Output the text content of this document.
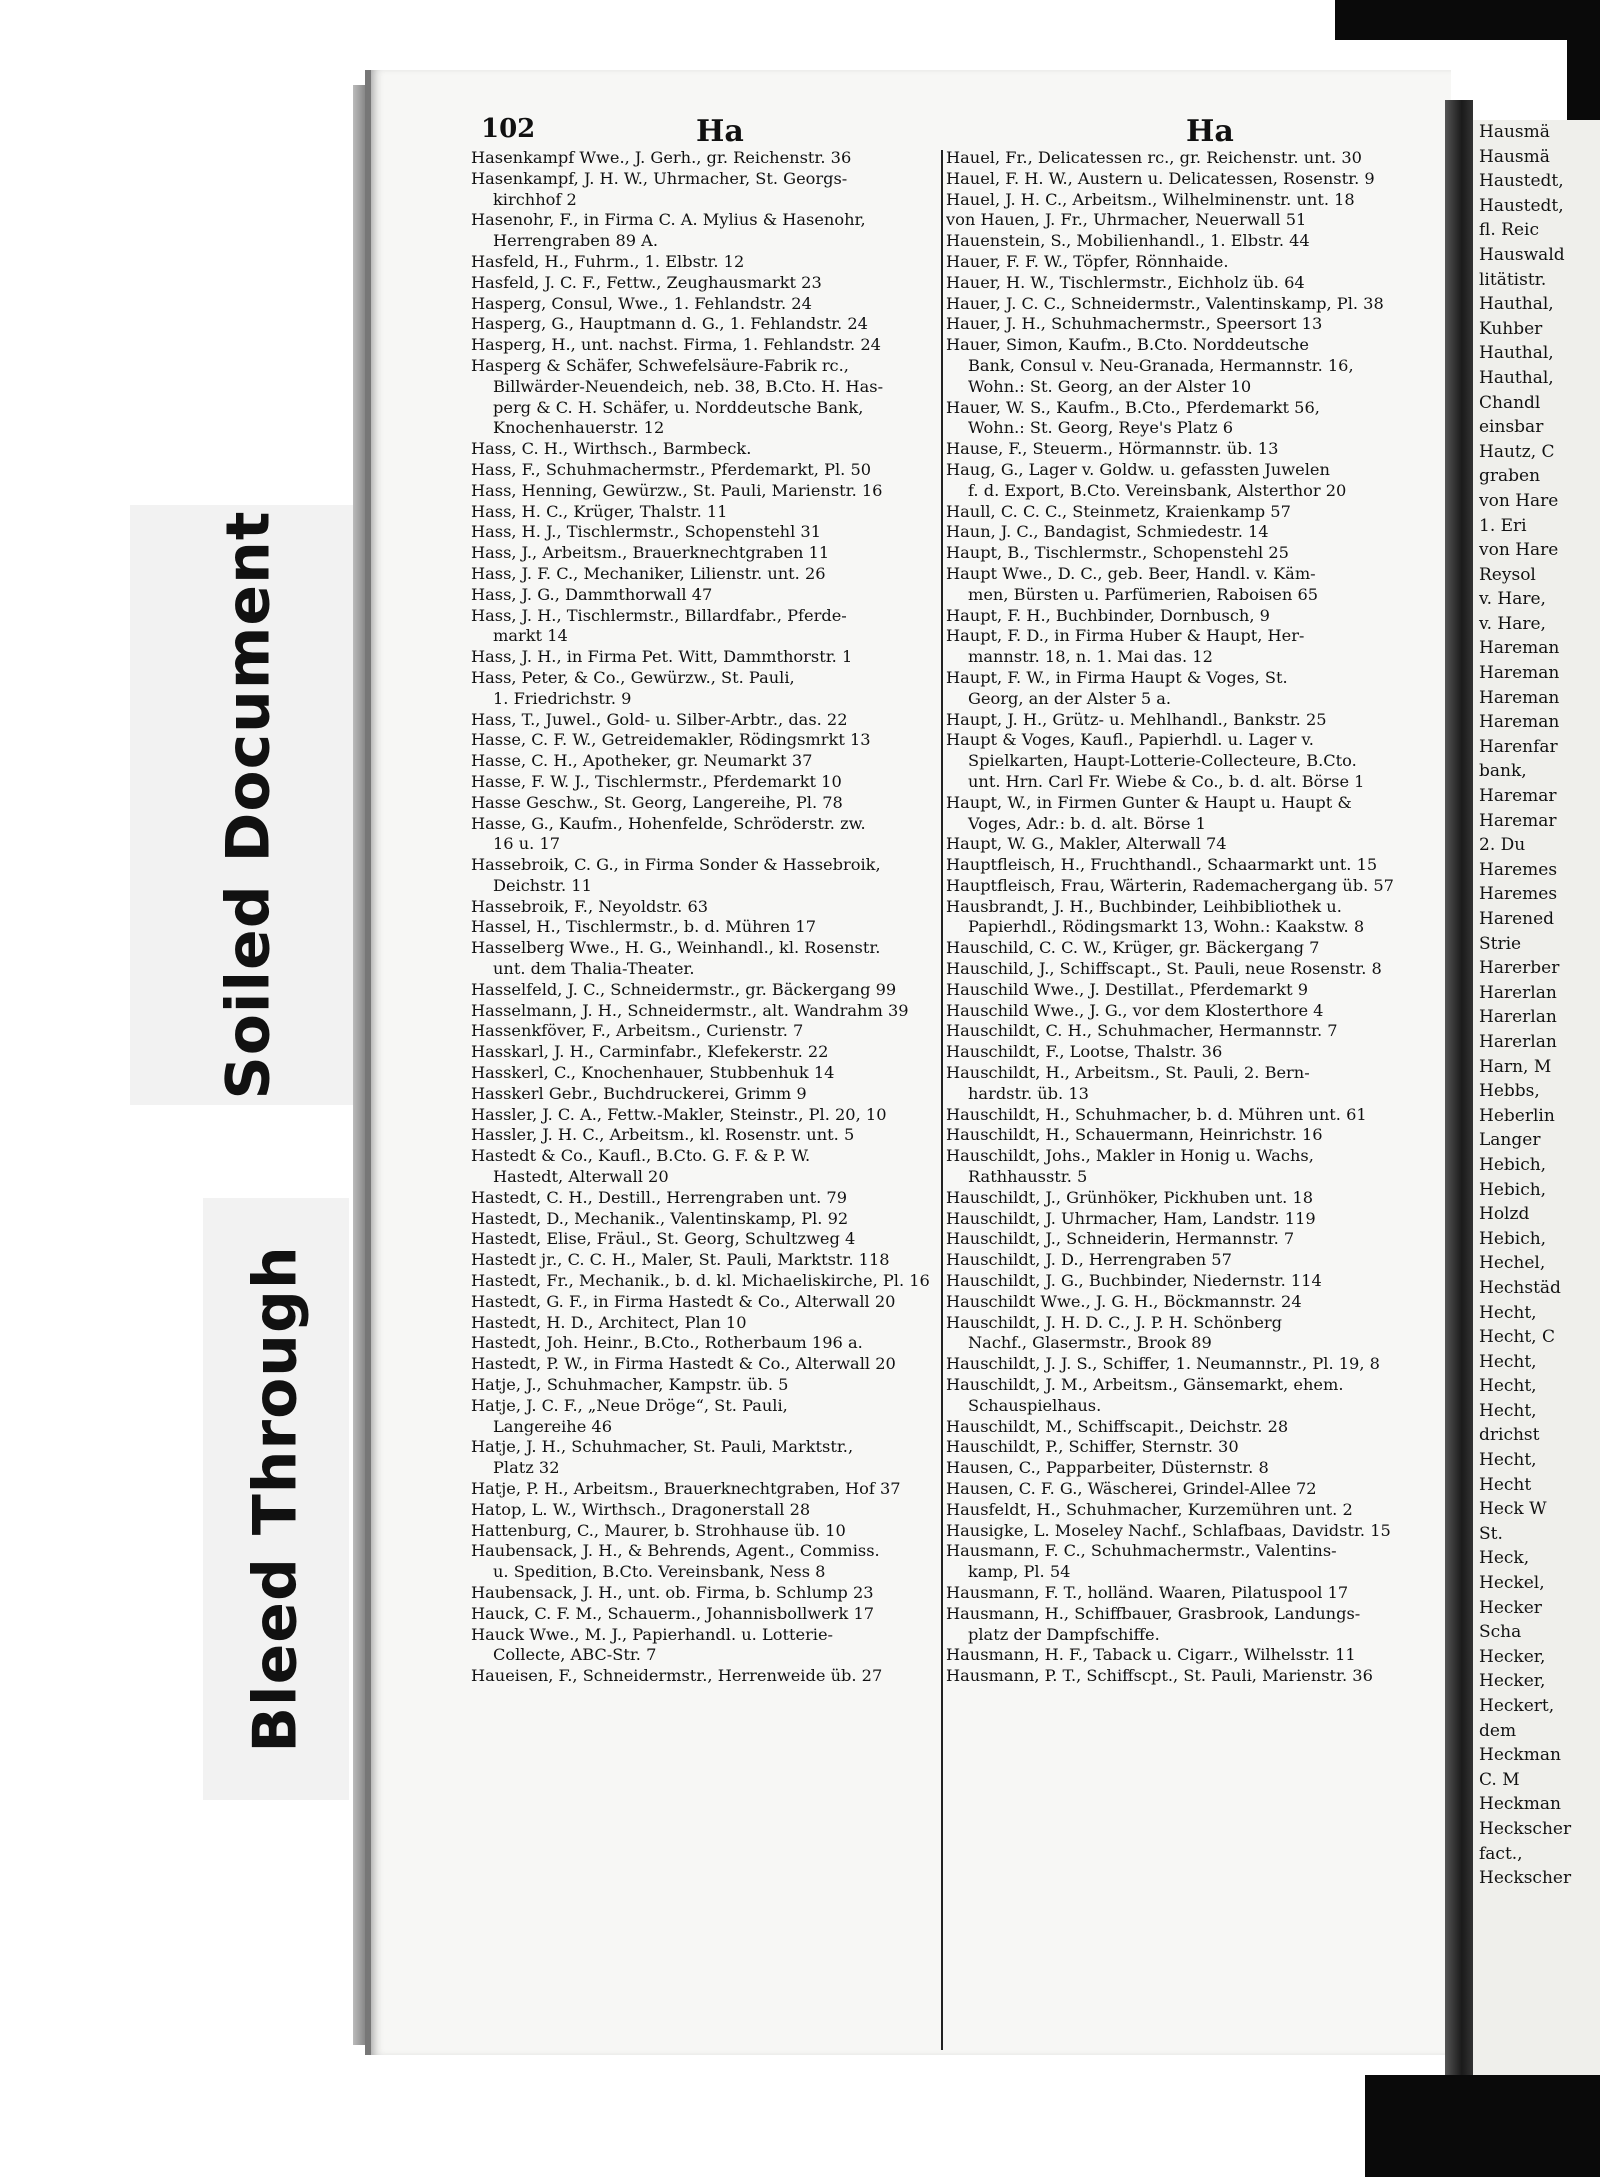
Soiled Document
Bleed Through
102	Ha	Ha
Hasenkampf Wwe., J. Gerh., gr. Reichenstr. 36
Hasenkampf, J. H. W., Uhrmacher, St. Georgs-
kirchhof 2
Hasenohr, F., in Firma C. A. Mylius & Hasenohr,
Herrengraben 89 A.
Hasfeld, H., Fuhrm., 1. Elbstr. 12
Hasfeld, J. C. F., Fettw., Zeughausmarkt 23
Hasperg, Consul, Wwe., 1. Fehlandstr. 24
Hasperg, G., Hauptmann d. G., 1. Fehlandstr. 24
Hasperg, H., unt. nachst. Firma, 1. Fehlandstr. 24
Hasperg & Schäfer, Schwefelsäure-Fabrik rc.,
Billwärder-Neuendeich, neb. 38, B.Cto. H. Has-
perg & C. H. Schäfer, u. Norddeutsche Bank,
Knochenhauerstr. 12
Hass, C. H., Wirthsch., Barmbeck.
Hass, F., Schuhmachermstr., Pferdemarkt, Pl. 50
Hass, Henning, Gewürzw., St. Pauli, Marienstr. 16
Hass, H. C., Krüger, Thalstr. 11
Hass, H. J., Tischlermstr., Schopenstehl 31
Hass, J., Arbeitsm., Brauerknechtgraben 11
Hass, J. F. C., Mechaniker, Lilienstr. unt. 26
Hass, J. G., Dammthorwall 47
Hass, J. H., Tischlermstr., Billardfabr., Pferde-
markt 14
Hass, J. H., in Firma Pet. Witt, Dammthorstr. 1
Hass, Peter, & Co., Gewürzw., St. Pauli,
1. Friedrichstr. 9
Hass, T., Juwel., Gold- u. Silber-Arbtr., das. 22
Hasse, C. F. W., Getreidemakler, Rödingsmrkt 13
Hasse, C. H., Apotheker, gr. Neumarkt 37
Hasse, F. W. J., Tischlermstr., Pferdemarkt 10
Hasse Geschw., St. Georg, Langereihe, Pl. 78
Hasse, G., Kaufm., Hohenfelde, Schröderstr. zw.
16 u. 17
Hassebroik, C. G., in Firma Sonder & Hassebroik,
Deichstr. 11
Hassebroik, F., Neyoldstr. 63
Hassel, H., Tischlermstr., b. d. Mühren 17
Hasselberg Wwe., H. G., Weinhandl., kl. Rosenstr.
unt. dem Thalia-Theater.
Hasselfeld, J. C., Schneidermstr., gr. Bäckergang 99
Hasselmann, J. H., Schneidermstr., alt. Wandrahm 39
Hassenkföver, F., Arbeitsm., Curienstr. 7
Hasskarl, J. H., Carminfabr., Klefekerstr. 22
Hasskerl, C., Knochenhauer, Stubbenhuk 14
Hasskerl Gebr., Buchdruckerei, Grimm 9
Hassler, J. C. A., Fettw.-Makler, Steinstr., Pl. 20, 10
Hassler, J. H. C., Arbeitsm., kl. Rosenstr. unt. 5
Hastedt & Co., Kaufl., B.Cto. G. F. & P. W.
Hastedt, Alterwall 20
Hastedt, C. H., Destill., Herrengraben unt. 79
Hastedt, D., Mechanik., Valentinskamp, Pl. 92
Hastedt, Elise, Fräul., St. Georg, Schultzweg 4
Hastedt jr., C. C. H., Maler, St. Pauli, Marktstr. 118
Hastedt, Fr., Mechanik., b. d. kl. Michaeliskirche, Pl. 16
Hastedt, G. F., in Firma Hastedt & Co., Alterwall 20
Hastedt, H. D., Architect, Plan 10
Hastedt, Joh. Heinr., B.Cto., Rotherbaum 196 a.
Hastedt, P. W., in Firma Hastedt & Co., Alterwall 20
Hatje, J., Schuhmacher, Kampstr. üb. 5
Hatje, J. C. F., „Neue Dröge“, St. Pauli,
Langereihe 46
Hatje, J. H., Schuhmacher, St. Pauli, Marktstr.,
Platz 32
Hatje, P. H., Arbeitsm., Brauerknechtgraben, Hof 37
Hatop, L. W., Wirthsch., Dragonerstall 28
Hattenburg, C., Maurer, b. Strohhause üb. 10
Haubensack, J. H., & Behrends, Agent., Commiss.
u. Spedition, B.Cto. Vereinsbank, Ness 8
Haubensack, J. H., unt. ob. Firma, b. Schlump 23
Hauck, C. F. M., Schauerm., Johannisbollwerk 17
Hauck Wwe., M. J., Papierhandl. u. Lotterie-
Collecte, ABC-Str. 7
Haueisen, F., Schneidermstr., Herrenweide üb. 27
Hauel, Fr., Delicatessen rc., gr. Reichenstr. unt. 30
Hauel, F. H. W., Austern u. Delicatessen, Rosenstr. 9
Hauel, J. H. C., Arbeitsm., Wilhelminenstr. unt. 18
von Hauen, J. Fr., Uhrmacher, Neuerwall 51
Hauenstein, S., Mobilienhandl., 1. Elbstr. 44
Hauer, F. F. W., Töpfer, Rönnhaide.
Hauer, H. W., Tischlermstr., Eichholz üb. 64
Hauer, J. C. C., Schneidermstr., Valentinskamp, Pl. 38
Hauer, J. H., Schuhmachermstr., Speersort 13
Hauer, Simon, Kaufm., B.Cto. Norddeutsche
Bank, Consul v. Neu-Granada, Hermannstr. 16,
Wohn.: St. Georg, an der Alster 10
Hauer, W. S., Kaufm., B.Cto., Pferdemarkt 56,
Wohn.: St. Georg, Reye's Platz 6
Hause, F., Steuerm., Hörmannstr. üb. 13
Haug, G., Lager v. Goldw. u. gefassten Juwelen
f. d. Export, B.Cto. Vereinsbank, Alsterthor 20
Haull, C. C. C., Steinmetz, Kraienkamp 57
Haun, J. C., Bandagist, Schmiedestr. 14
Haupt, B., Tischlermstr., Schopenstehl 25
Haupt Wwe., D. C., geb. Beer, Handl. v. Käm-
men, Bürsten u. Parfümerien, Raboisen 65
Haupt, F. H., Buchbinder, Dornbusch, 9
Haupt, F. D., in Firma Huber & Haupt, Her-
mannstr. 18, n. 1. Mai das. 12
Haupt, F. W., in Firma Haupt & Voges, St.
Georg, an der Alster 5 a.
Haupt, J. H., Grütz- u. Mehlhandl., Bankstr. 25
Haupt & Voges, Kaufl., Papierhdl. u. Lager v.
Spielkarten, Haupt-Lotterie-Collecteure, B.Cto.
unt. Hrn. Carl Fr. Wiebe & Co., b. d. alt. Börse 1
Haupt, W., in Firmen Gunter & Haupt u. Haupt &
Voges, Adr.: b. d. alt. Börse 1
Haupt, W. G., Makler, Alterwall 74
Hauptfleisch, H., Fruchthandl., Schaarmarkt unt. 15
Hauptfleisch, Frau, Wärterin, Rademachergang üb. 57
Hausbrandt, J. H., Buchbinder, Leihbibliothek u.
Papierhdl., Rödingsmarkt 13, Wohn.: Kaakstw. 8
Hauschild, C. C. W., Krüger, gr. Bäckergang 7
Hauschild, J., Schiffscapt., St. Pauli, neue Rosenstr. 8
Hauschild Wwe., J. Destillat., Pferdemarkt 9
Hauschild Wwe., J. G., vor dem Klosterthore 4
Hauschildt, C. H., Schuhmacher, Hermannstr. 7
Hauschildt, F., Lootse, Thalstr. 36
Hauschildt, H., Arbeitsm., St. Pauli, 2. Bern-
hardstr. üb. 13
Hauschildt, H., Schuhmacher, b. d. Mühren unt. 61
Hauschildt, H., Schauermann, Heinrichstr. 16
Hauschildt, Johs., Makler in Honig u. Wachs,
Rathhausstr. 5
Hauschildt, J., Grünhöker, Pickhuben unt. 18
Hauschildt, J. Uhrmacher, Ham, Landstr. 119
Hauschildt, J., Schneiderin, Hermannstr. 7
Hauschildt, J. D., Herrengraben 57
Hauschildt, J. G., Buchbinder, Niedernstr. 114
Hauschildt Wwe., J. G. H., Böckmannstr. 24
Hauschildt, J. H. D. C., J. P. H. Schönberg
Nachf., Glasermstr., Brook 89
Hauschildt, J. J. S., Schiffer, 1. Neumannstr., Pl. 19, 8
Hauschildt, J. M., Arbeitsm., Gänsemarkt, ehem.
Schauspielhaus.
Hauschildt, M., Schiffscapit., Deichstr. 28
Hauschildt, P., Schiffer, Sternstr. 30
Hausen, C., Papparbeiter, Düsternstr. 8
Hausen, C. F. G., Wäscherei, Grindel-Allee 72
Hausfeldt, H., Schuhmacher, Kurzemühren unt. 2
Hausigke, L. Moseley Nachf., Schlafbaas, Davidstr. 15
Hausmann, F. C., Schuhmachermstr., Valentins-
kamp, Pl. 54
Hausmann, F. T., holländ. Waaren, Pilatuspool 17
Hausmann, H., Schiffbauer, Grasbrook, Landungs-
platz der Dampfschiffe.
Hausmann, H. F., Taback u. Cigarr., Wilhelsstr. 11
Hausmann, P. T., Schiffscpt., St. Pauli, Marienstr. 36
Hausmä
Hausmä
Haustedt,
Haustedt,
fl. Reic
Hauswald
litätistr.
Hauthal,
Kuhber
Hauthal,
Hauthal,
Chandl
einsbar
Hautz, C
graben
von Hare
1. Eri
von Hare
Reysol
v. Hare,
v. Hare,
Hareman
Hareman
Hareman
Hareman
Harenfar
bank,
Haremar
Haremar
2. Du
Haremes
Haremes
Harened
Strie
Harerber
Harerlan
Harerlan
Harerlan
Harn, M
Hebbs,
Heberlin
Langer
Hebich,
Hebich,
Holzd
Hebich,
Hechel,
Hechstäd
Hecht,
Hecht, C
Hecht,
Hecht,
Hecht,
drichst
Hecht,
Hecht
Heck W
St.
Heck,
Heckel,
Hecker
Scha
Hecker,
Hecker,
Heckert,
dem
Heckman
C. M
Heckman
Heckscher
fact.,
Heckscher
